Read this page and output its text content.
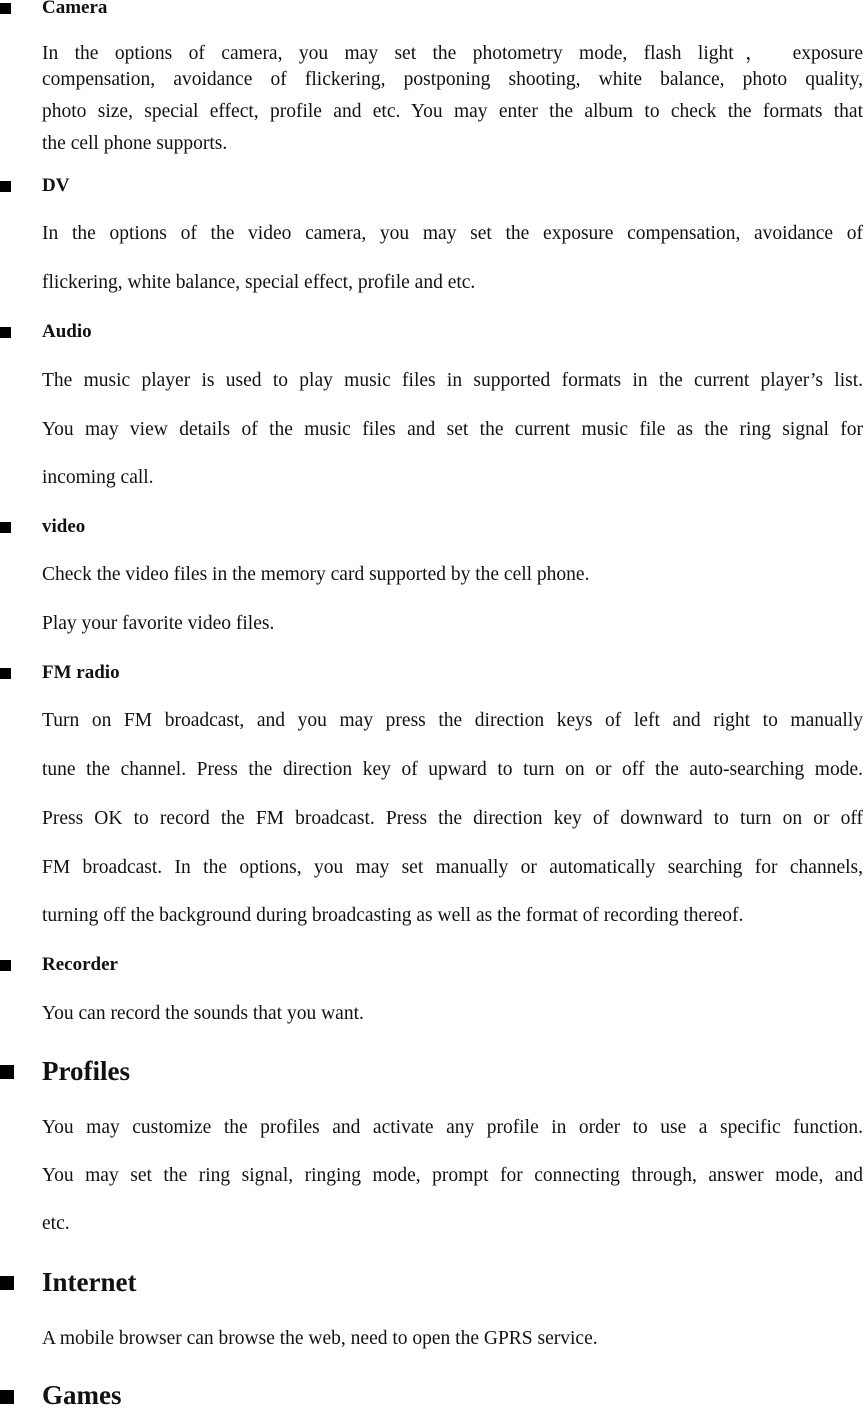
Camera
In the options of camera, you may set the photometry mode, flash light， exposure
compensation, avoidance of flickering, postponing shooting, white balance, photo quality,
photo size, special effect, profile and etc. You may enter the album to check the formats that
the cell phone supports.
DV
In the options of the video camera, you may set the exposure compensation, avoidance of
flickering, white balance, special effect, profile and etc.
Audio
The music player is used to play music files in supported formats in the current player’s list.
You may view details of the music files and set the current music file as the ring signal for
incoming call.
video
Check the video files in the memory card supported by the cell phone.
Play your favorite video files.
FM radio
Turn on FM broadcast, and you may press the direction keys of left and right to manually
tune the channel. Press the direction key of upward to turn on or off the auto-searching mode.
Press OK to record the FM broadcast. Press the direction key of downward to turn on or off
FM broadcast. In the options, you may set manually or automatically searching for channels,
turning off the background during broadcasting as well as the format of recording thereof.
Recorder
You can record the sounds that you want.
Profiles
You may customize the profiles and activate any profile in order to use a specific function.
You may set the ring signal, ringing mode, prompt for connecting through, answer mode, and
etc.
Internet
A mobile browser can browse the web, need to open the GPRS service.
Games
